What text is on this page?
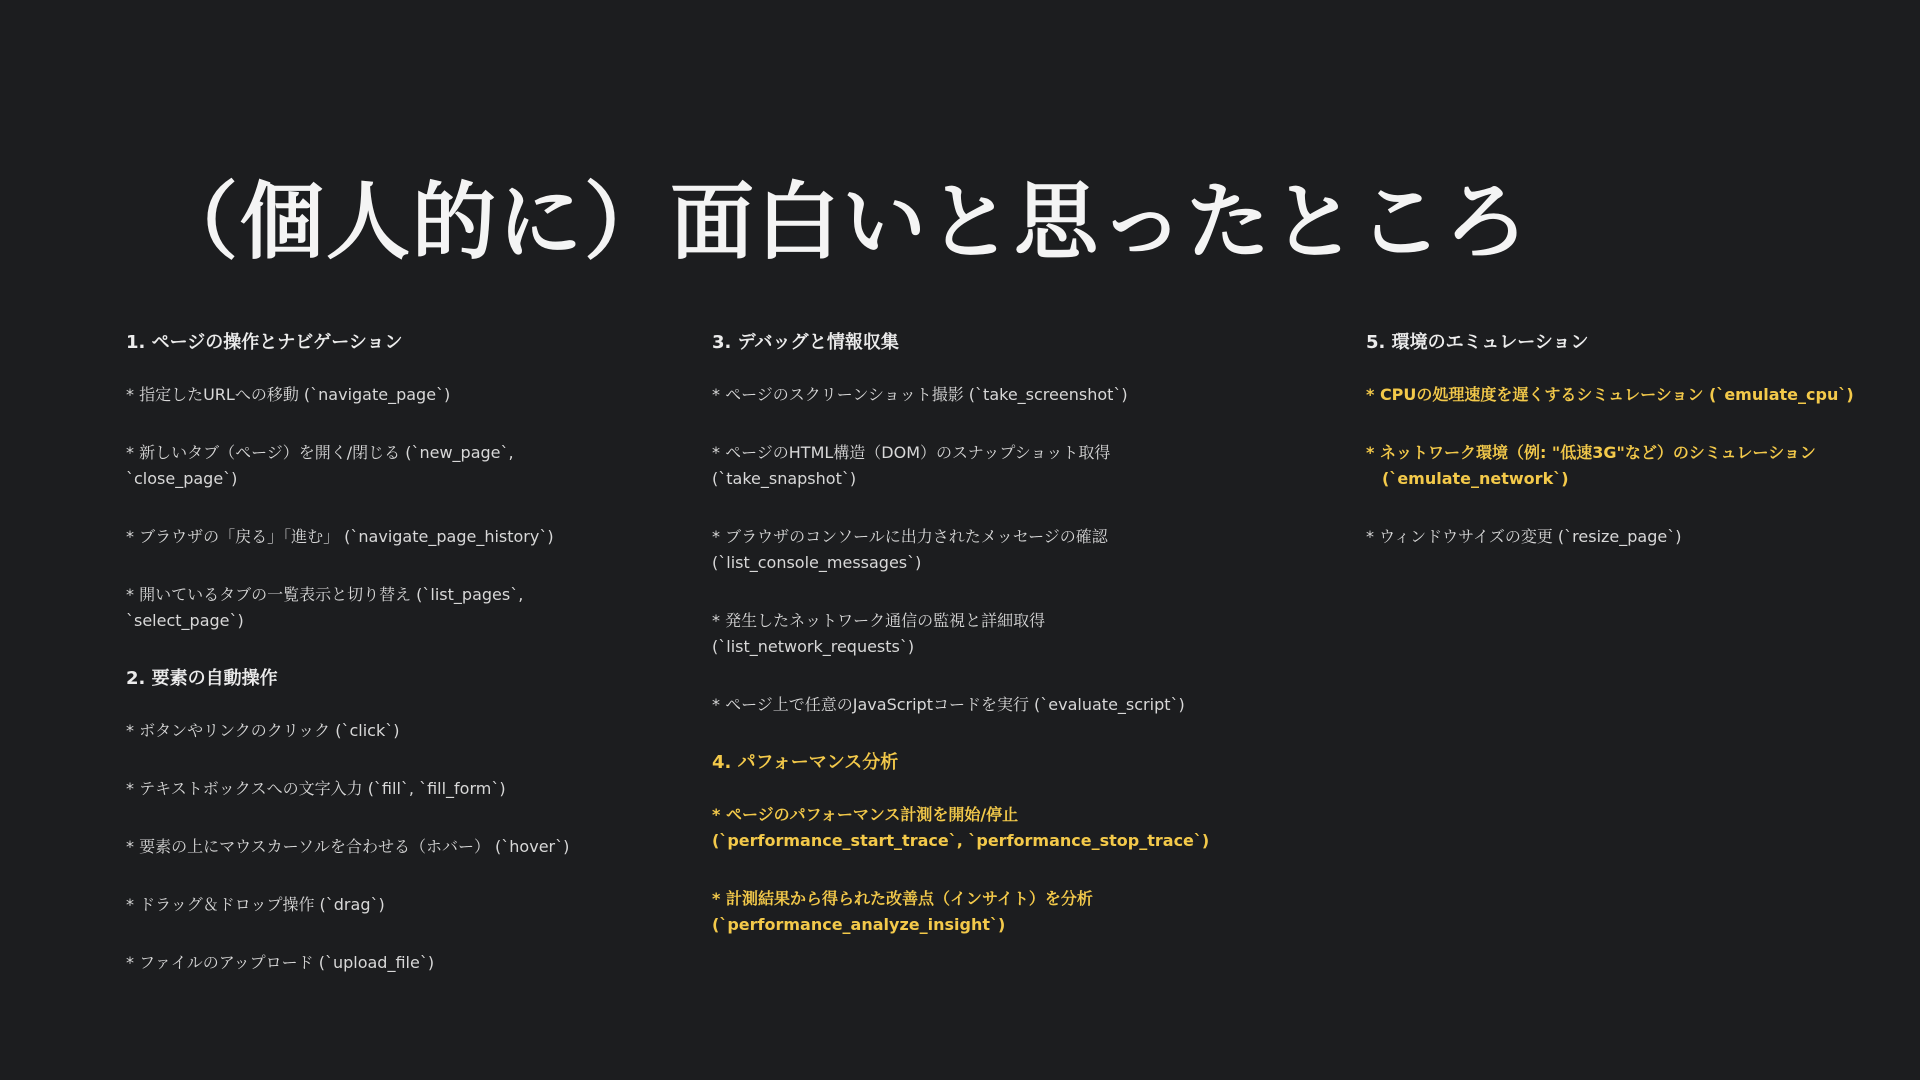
（個人的に）面白いと思ったところ
1. ページの操作とナビゲーション
* 指定したURLへの移動 (`navigate_page`)
* 新しいタブ（ページ）を開く/閉じる (`new_page`,
`close_page`)
* ブラウザの「戻る」「進む」 (`navigate_page_history`)
* 開いているタブの一覧表示と切り替え (`list_pages`,
`select_page`)
2. 要素の自動操作
* ボタンやリンクのクリック (`click`)
* テキストボックスへの文字入力 (`fill`, `fill_form`)
* 要素の上にマウスカーソルを合わせる（ホバー） (`hover`)
* ドラッグ＆ドロップ操作 (`drag`)
* ファイルのアップロード (`upload_file`)
3. デバッグと情報収集
* ページのスクリーンショット撮影 (`take_screenshot`)
* ページのHTML構造（DOM）のスナップショット取得
(`take_snapshot`)
* ブラウザのコンソールに出力されたメッセージの確認
(`list_console_messages`)
* 発生したネットワーク通信の監視と詳細取得
(`list_network_requests`)
* ページ上で任意のJavaScriptコードを実行 (`evaluate_script`)
4. パフォーマンス分析
* ページのパフォーマンス計測を開始/停止
(`performance_start_trace`, `performance_stop_trace`)
* 計測結果から得られた改善点（インサイト）を分析
(`performance_analyze_insight`)
5. 環境のエミュレーション
* CPUの処理速度を遅くするシミュレーション (`emulate_cpu`)
* ネットワーク環境（例: "低速3G"など）のシミュレーション
(`emulate_network`)
* ウィンドウサイズの変更 (`resize_page`)
